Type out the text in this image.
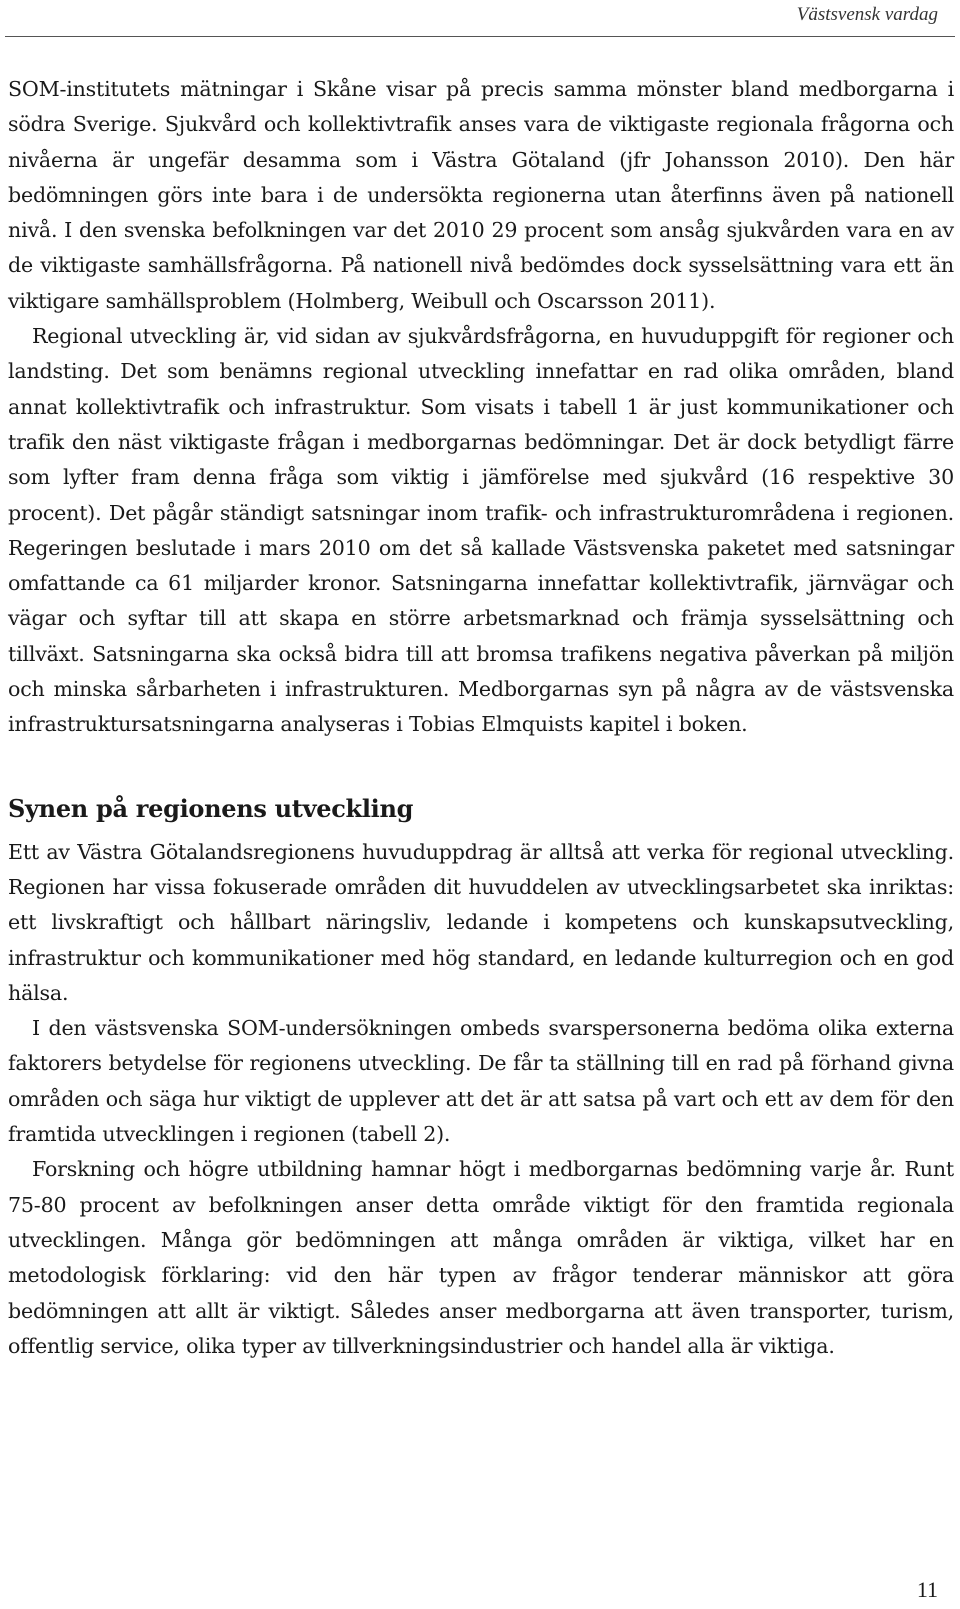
Västsvensk vardag

SOM-institutets mätningar i Skåne visar på precis samma mönster bland medborgarna i södra Sverige. Sjukvård och kollektivtrafik anses vara de viktigaste regionala frågorna och nivåerna är ungefär desamma som i Västra Götaland (jfr Johansson 2010). Den här bedömningen görs inte bara i de undersökta regionerna utan återfinns även på nationell nivå. I den svenska befolkningen var det 2010 29 procent som ansåg sjukvården vara en av de viktigaste samhällsfrågorna. På nationell nivå bedömdes dock sysselsättning vara ett än viktigare samhällsproblem (Holmberg, Weibull och Oscarsson 2011).

Regional utveckling är, vid sidan av sjukvårdsfrågorna, en huvuduppgift för regioner och landsting. Det som benämns regional utveckling innefattar en rad olika områden, bland annat kollektivtrafik och infrastruktur. Som visats i tabell 1 är just kommunikationer och trafik den näst viktigaste frågan i medborgarnas bedömningar. Det är dock betydligt färre som lyfter fram denna fråga som viktig i jämförelse med sjukvård (16 respektive 30 procent). Det pågår ständigt satsningar inom trafik- och infrastrukturområdena i regionen. Regeringen beslutade i mars 2010 om det så kallade Västsvenska paketet med satsningar omfattande ca 61 miljarder kronor. Satsningarna innefattar kollektivtrafik, järnvägar och vägar och syftar till att skapa en större arbetsmarknad och främja sysselsättning och tillväxt. Satsningarna ska också bidra till att bromsa trafikens negativa påverkan på miljön och minska sårbarheten i infrastrukturen. Medborgarnas syn på några av de västsvenska infrastruktursatsningarna analyseras i Tobias Elmquists kapitel i boken.

Synen på regionens utveckling

Ett av Västra Götalandsregionens huvuduppdrag är alltså att verka för regional utveckling. Regionen har vissa fokuserade områden dit huvuddelen av utvecklingsarbetet ska inriktas: ett livskraftigt och hållbart näringsliv, ledande i kompetens och kunskapsutveckling, infrastruktur och kommunikationer med hög standard, en ledande kulturregion och en god hälsa.

I den västsvenska SOM-undersökningen ombeds svarspersonerna bedöma olika externa faktorers betydelse för regionens utveckling. De får ta ställning till en rad på förhand givna områden och säga hur viktigt de upplever att det är att satsa på vart och ett av dem för den framtida utvecklingen i regionen (tabell 2).

Forskning och högre utbildning hamnar högt i medborgarnas bedömning varje år. Runt 75-80 procent av befolkningen anser detta område viktigt för den framtida regionala utvecklingen. Många gör bedömningen att många områden är viktiga, vilket har en metodologisk förklaring: vid den här typen av frågor tenderar människor att göra bedömningen att allt är viktigt. Således anser medborgarna att även transporter, turism, offentlig service, olika typer av tillverkningsindustrier och handel alla är viktiga.

11
